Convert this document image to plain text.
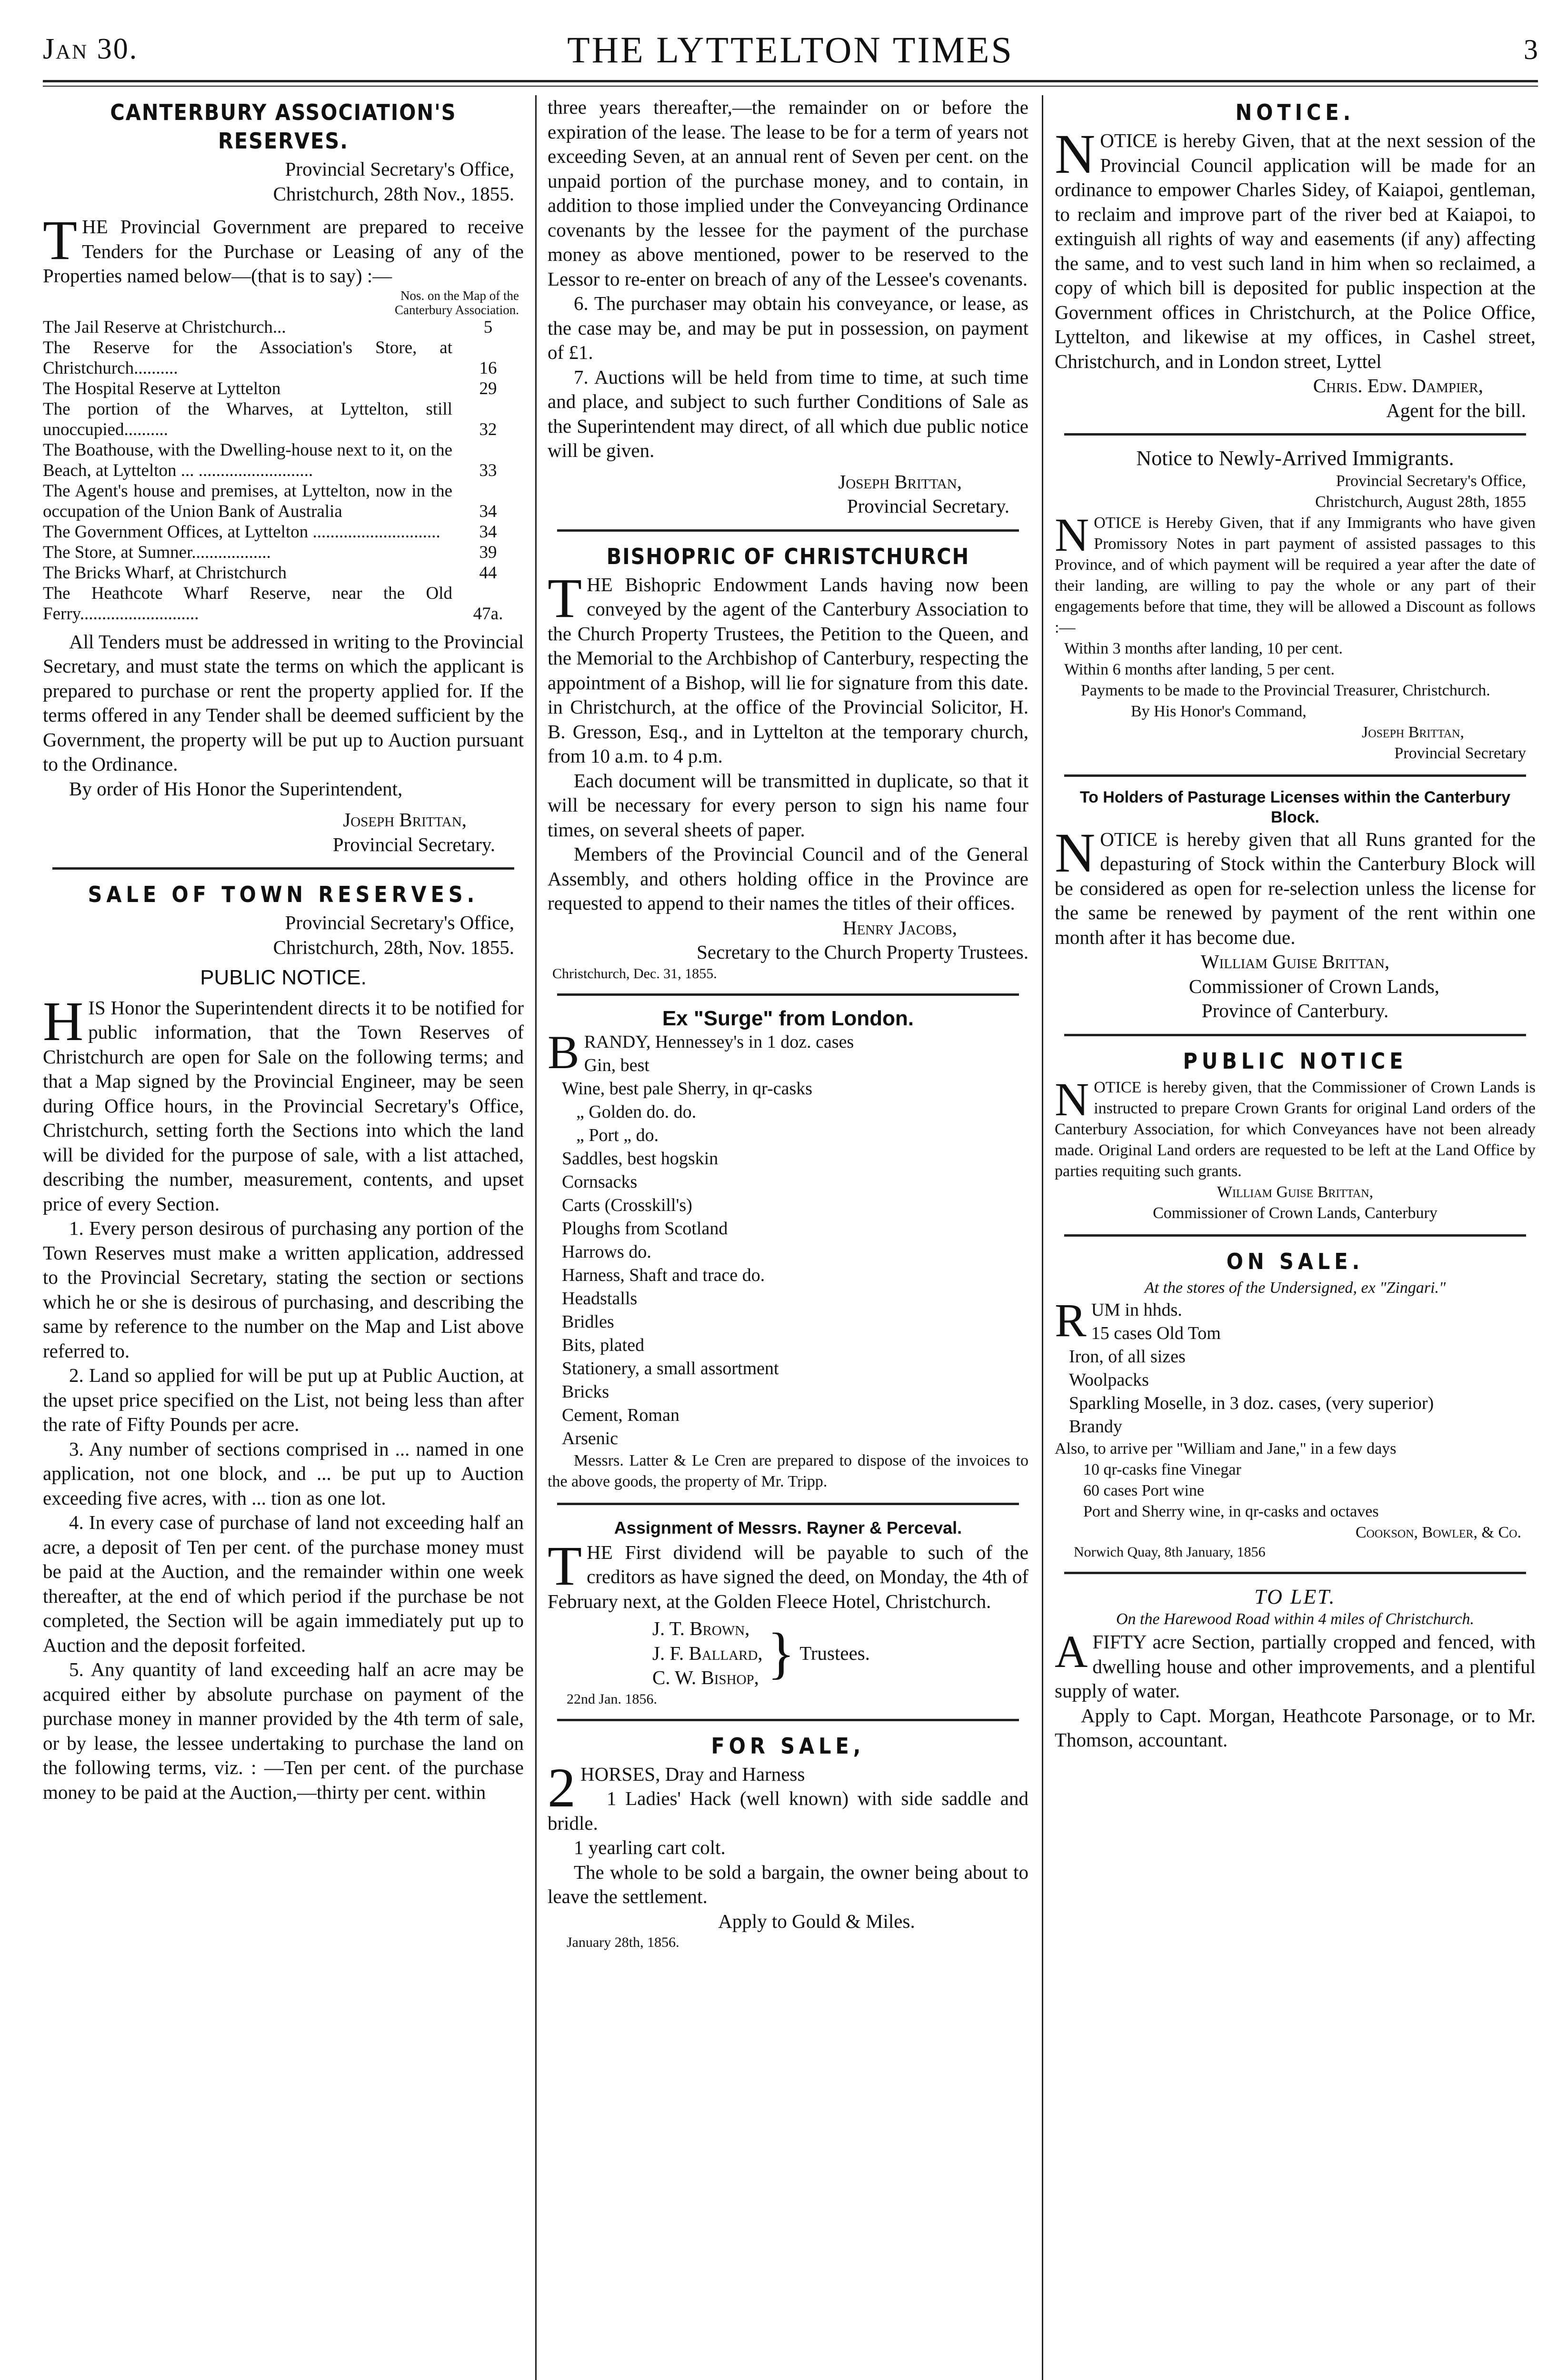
Jan 30.	THE LYTTELTON TIMES	3
CANTERBURY ASSOCIATION'S RESERVES.
Provincial Secretary's Office,
Christchurch, 28th Nov., 1855.

THE Provincial Government are prepared to receive Tenders for the Purchase or Leasing of any of the Properties named below—(that is to say) :—

Nos. on the Map of the Canterbury Association.
The Jail Reserve at Christchurch...	5
The Reserve for the Association's Store, at Christchurch..........	16
The Hospital Reserve at Lyttelton	29
The portion of the Wharves, at Lyttelton, still unoccupied..........	32
The Boathouse, with the Dwelling-house next to it, on the Beach, at Lyttelton ... ..........................	33
The Agent's house and premises, at Lyttelton, now in the occupation of the Union Bank of Australia	34
The Government Offices, at Lyttelton .............................	34
The Store, at Sumner..................	39
The Bricks Wharf, at Christchurch	44
The Heathcote Wharf Reserve, near the Old Ferry...........................	47a.

All Tenders must be addressed in writing to the Provincial Secretary, and must state the terms on which the applicant is prepared to purchase or rent the property applied for. If the terms offered in any Tender shall be deemed sufficient by the Government, the property will be put up to Auction pursuant to the Ordinance.

By order of His Honor the Superintendent,

Joseph Brittan,
Provincial Secretary.
SALE OF TOWN RESERVES.
Provincial Secretary's Office,
Christchurch, 28th, Nov. 1855.
PUBLIC NOTICE.

HIS Honor the Superintendent directs it to be notified for public information, that the Town Reserves of Christchurch are open for Sale on the following terms; and that a Map signed by the Provincial Engineer, may be seen during Office hours, in the Provincial Secretary's Office, Christchurch, setting forth the Sections into which the land will be divided for the purpose of sale, with a list attached, describing the number, measurement, contents, and upset price of every Section.

1. Every person desirous of purchasing any portion of the Town Reserves must make a written application, addressed to the Provincial Secretary, stating the section or sections which he or she is desirous of purchasing, and describing the same by reference to the number on the Map and List above referred to.

2. Land so applied for will be put up at Public Auction, at the upset price specified on the List, not being less than after the rate of Fifty Pounds per acre.

3. Any number of sections comprised in ... named in one application, not one block, and ... be put up to Auction exceeding five acres, with ... tion as one lot.

4. In every case of purchase of land not exceeding half an acre, a deposit of Ten per cent. of the purchase money must be paid at the Auction, and the remainder within one week thereafter, at the end of which period if the purchase be not completed, the Section will be again immediately put up to Auction and the deposit forfeited.

5. Any quantity of land exceeding half an acre may be acquired either by absolute purchase on payment of the purchase money in manner provided by the 4th term of sale, or by lease, the lessee undertaking to purchase the land on the following terms, viz. : —Ten per cent. of the purchase money to be paid at the Auction,—thirty per cent. within

three years thereafter,—the remainder on or before the expiration of the lease. The lease to be for a term of years not exceeding Seven, at an annual rent of Seven per cent. on the unpaid portion of the purchase money, and to contain, in addition to those implied under the Conveyancing Ordinance covenants by the lessee for the payment of the purchase money as above mentioned, power to be reserved to the Lessor to re-enter on breach of any of the Lessee's covenants.

6. The purchaser may obtain his conveyance, or lease, as the case may be, and may be put in possession, on payment of £1.

7. Auctions will be held from time to time, at such time and place, and subject to such further Conditions of Sale as the Superintendent may direct, of all which due public notice will be given.

Joseph Brittan,
Provincial Secretary.
BISHOPRIC OF CHRISTCHURCH

THE Bishopric Endowment Lands having now been conveyed by the agent of the Canterbury Association to the Church Property Trustees, the Petition to the Queen, and the Memorial to the Archbishop of Canterbury, respecting the appointment of a Bishop, will lie for signature from this date. in Christchurch, at the office of the Provincial Solicitor, H. B. Gresson, Esq., and in Lyttelton at the temporary church, from 10 a.m. to 4 p.m.

Each document will be transmitted in duplicate, so that it will be necessary for every person to sign his name four times, on several sheets of paper.

Members of the Provincial Council and of the General Assembly, and others holding office in the Province are requested to append to their names the titles of their offices.

Henry Jacobs,
Secretary to the Church Property Trustees.
Christchurch, Dec. 31, 1855.
Ex "Surge" from London.
BRANDY, Hennessey's in 1 doz. cases
Gin, best
Wine, best pale Sherry, in qr-casks
„ Golden do. do.
„ Port „ do.
Saddles, best hogskin
Cornsacks
Carts (Crosskill's)
Ploughs from Scotland
Harrows do.
Harness, Shaft and trace do.
Headstalls
Bridles
Bits, plated
Stationery, a small assortment
Bricks
Cement, Roman
Arsenic

Messrs. Latter & Le Cren are prepared to dispose of the invoices to the above goods, the property of Mr. Tripp.

Assignment of Messrs. Rayner & Perceval.

THE First dividend will be payable to such of the creditors as have signed the deed, on Monday, the 4th of February next, at the Golden Fleece Hotel, Christchurch.

J. T. Brown,
J. F. Ballard,
C. W. Bishop, } Trustees.
22nd Jan. 1856.
FOR SALE,

2 HORSES, Dray and Harness

1 Ladies' Hack (well known) with side saddle and bridle.

1 yearling cart colt.

The whole to be sold a bargain, the owner being about to leave the settlement.

Apply to Gould & Miles.
January 28th, 1856.
NOTICE.

NOTICE is hereby Given, that at the next session of the Provincial Council application will be made for an ordinance to empower Charles Sidey, of Kaiapoi, gentleman, to reclaim and improve part of the river bed at Kaiapoi, to extinguish all rights of way and easements (if any) affecting the same, and to vest such land in him when so reclaimed, a copy of which bill is deposited for public inspection at the Government offices in Christchurch, at the Police Office, Lyttelton, and likewise at my offices, in Cashel street, Christchurch, and in London street, Lyttel

Chris. Edw. Dampier,
Agent for the bill.
Notice to Newly-Arrived Immigrants.
Provincial Secretary's Office,
Christchurch, August 28th, 1855

NOTICE is Hereby Given, that if any Immigrants who have given Promissory Notes in part payment of assisted passages to this Province, and of which payment will be required a year after the date of their landing, are willing to pay the whole or any part of their engagements before that time, they will be allowed a Discount as follows :—

Within 3 months after landing, 10 per cent.
Within 6 months after landing, 5 per cent.

Payments to be made to the Provincial Treasurer, Christchurch.

By His Honor's Command,
Joseph Brittan,
Provincial Secretary
To Holders of Pasturage Licenses within the Canterbury Block.

NOTICE is hereby given that all Runs granted for the depasturing of Stock within the Canterbury Block will be considered as open for re-selection unless the license for the same be renewed by payment of the rent within one month after it has become due.

William Guise Brittan,
Commissioner of Crown Lands,
Province of Canterbury.
PUBLIC NOTICE

NOTICE is hereby given, that the Commissioner of Crown Lands is instructed to prepare Crown Grants for original Land orders of the Canterbury Association, for which Conveyances have not been already made. Original Land orders are requested to be left at the Land Office by parties requiting such grants.

William Guise Brittan,
Commissioner of Crown Lands, Canterbury
ON SALE.
At the stores of the Undersigned, ex "Zingari."
RUM in hhds.
15 cases Old Tom
Iron, of all sizes
Woolpacks
Sparkling Moselle, in 3 doz. cases, (very superior)
Brandy
Also, to arrive per "William and Jane," in a few days
10 qr-casks fine Vinegar
60 cases Port wine
Port and Sherry wine, in qr-casks and octaves
Cookson, Bowler, & Co.
Norwich Quay, 8th January, 1856
TO LET.
On the Harewood Road within 4 miles of Christchurch.

AFIFTY acre Section, partially cropped and fenced, with dwelling house and other improvements, and a plentiful supply of water.

Apply to Capt. Morgan, Heathcote Parsonage, or to Mr. Thomson, accountant.
